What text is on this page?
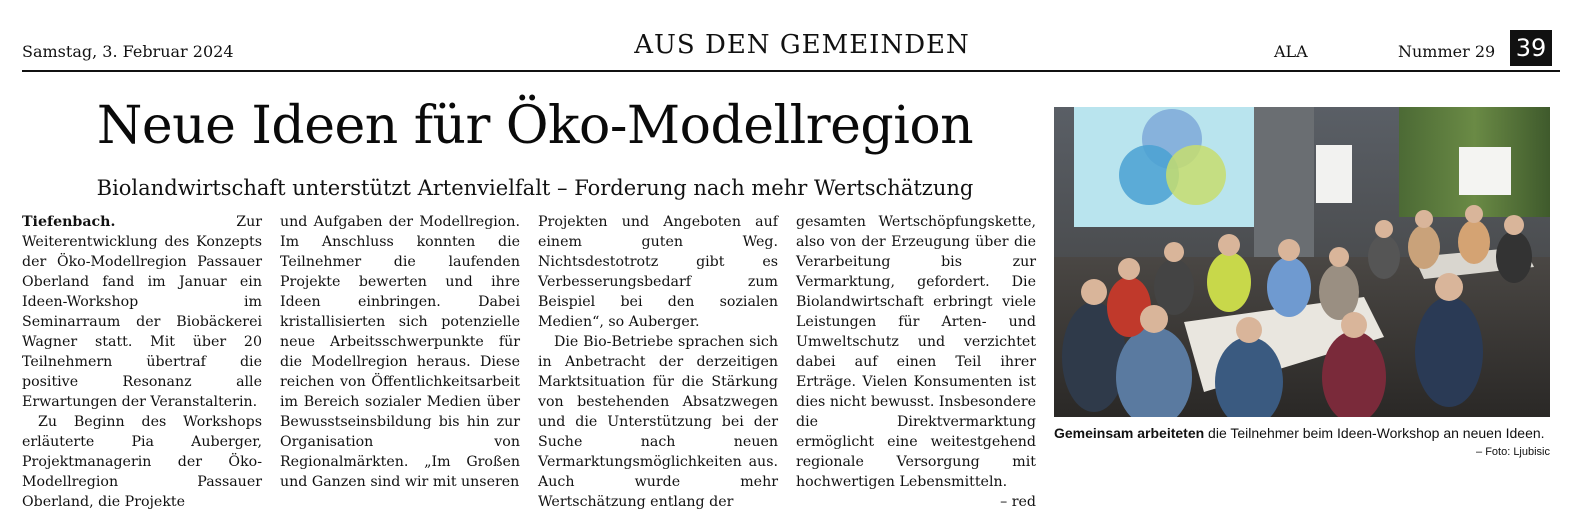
Samstag, 3. Februar 2024	AUS DEN GEMEINDEN	ALA	Nummer 29 39
Neue Ideen für Öko-Modellregion
Biolandwirtschaft unterstützt Artenvielfalt – Forderung nach mehr Wertschätzung

Tiefenbach.	Zur Weiterentwicklung des Konzepts der Öko-Modellregion Passauer Oberland fand im Januar ein Ideen-Workshop im Seminarraum der Biobäckerei Wagner statt. Mit über 20 Teilnehmern übertraf die positive Resonanz alle Erwartungen der Veranstalterin.

Zu Beginn des Workshops erläuterte Pia Auberger, Projektmanagerin der Öko-Modellregion Passauer Oberland, die Projekte

und Aufgaben der Modellregion. Im Anschluss konnten die Teilnehmer die laufenden Projekte bewerten und ihre Ideen einbringen. Dabei kristallisierten sich potenzielle neue Arbeitsschwerpunkte für die Modellregion heraus. Diese reichen von Öffentlichkeitsarbeit im Bereich sozialer Medien über Bewusstseinsbildung bis hin zur Organisation von Regionalmärkten. „Im Großen und Ganzen sind wir mit unseren

Projekten und Angeboten auf einem guten Weg. Nichtsdestotrotz gibt es Verbesserungsbedarf zum Beispiel bei den sozialen Medien“, so Auberger.

Die Bio-Betriebe sprachen sich in Anbetracht der derzeitigen Marktsituation für die Stärkung von bestehenden Absatzwegen und die Unterstützung bei der Suche nach neuen Vermarktungsmöglichkeiten aus. Auch wurde mehr Wertschätzung entlang der

gesamten Wertschöpfungskette, also von der Erzeugung über die Verarbeitung bis zur Vermarktung, gefordert. Die Biolandwirtschaft erbringt viele Leistungen für Arten- und Umweltschutz und verzichtet dabei auf einen Teil ihrer Erträge. Vielen Konsumenten ist dies nicht bewusst. Insbesondere die Direktvermarktung ermöglicht eine weitestgehend regionale Versorgung mit hochwertigen Lebensmitteln.
– red

Gemeinsam arbeiteten die Teilnehmer beim Ideen-Workshop an neuen Ideen.
– Foto: Ljubisic
